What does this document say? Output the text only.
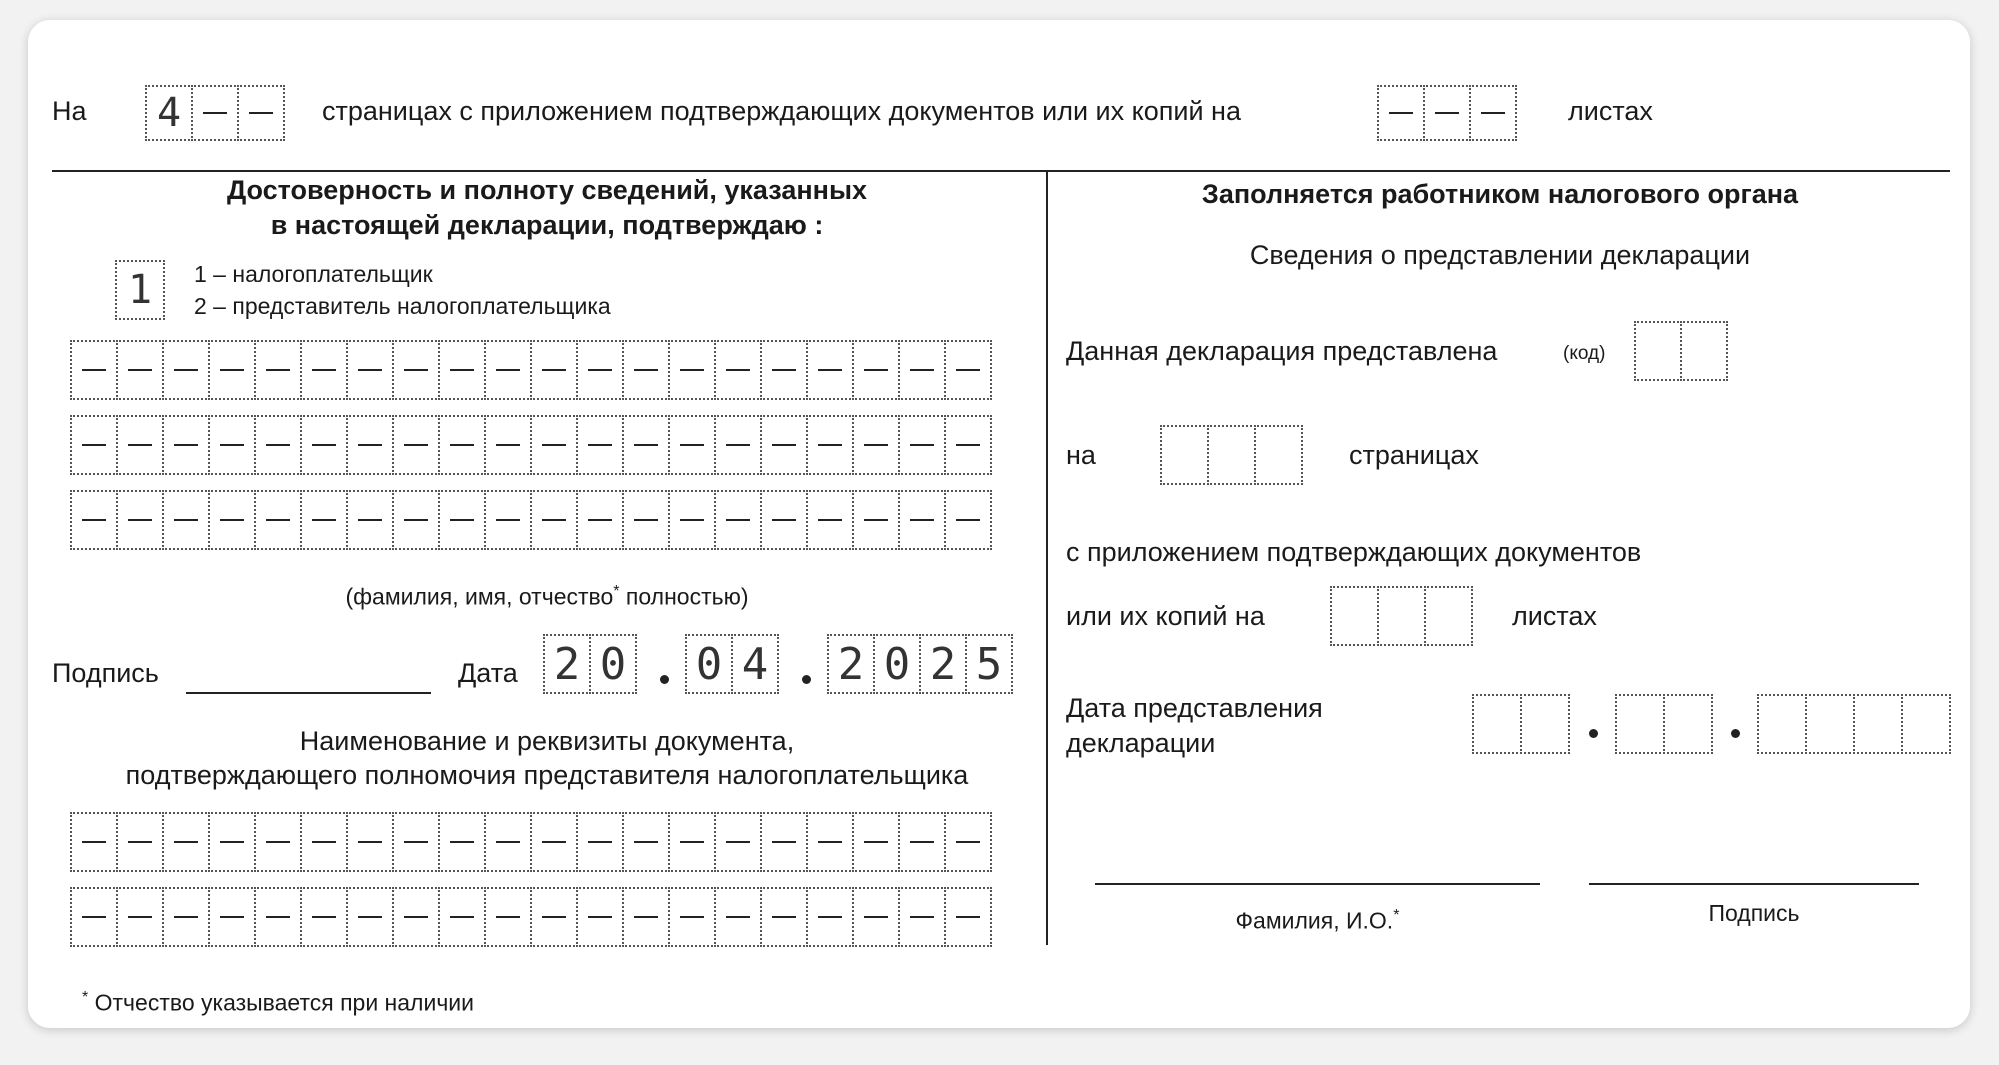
На 4	страницах с приложением подтверждающих документов или их копий на	листах
Достоверность и полноту сведений, указанных
в настоящей декларации, подтверждаю :
1	1 – налогоплательщик
2 – представитель налогоплательщика
(фамилия, имя, отчество* полностью)
Подпись	Дата 2 0 0 4 2 0 2 5
Наименование и реквизиты документа,
подтверждающего полномочия представителя налогоплательщика
Заполняется работником налогового органа
Сведения о представлении декларации
Данная декларация представлена	(код)
на	страницах
с приложением подтверждающих документов
или их копий на	листах
Дата представления
декларации
Фамилия, И.О.*	Подпись
* Отчество указывается при наличии
